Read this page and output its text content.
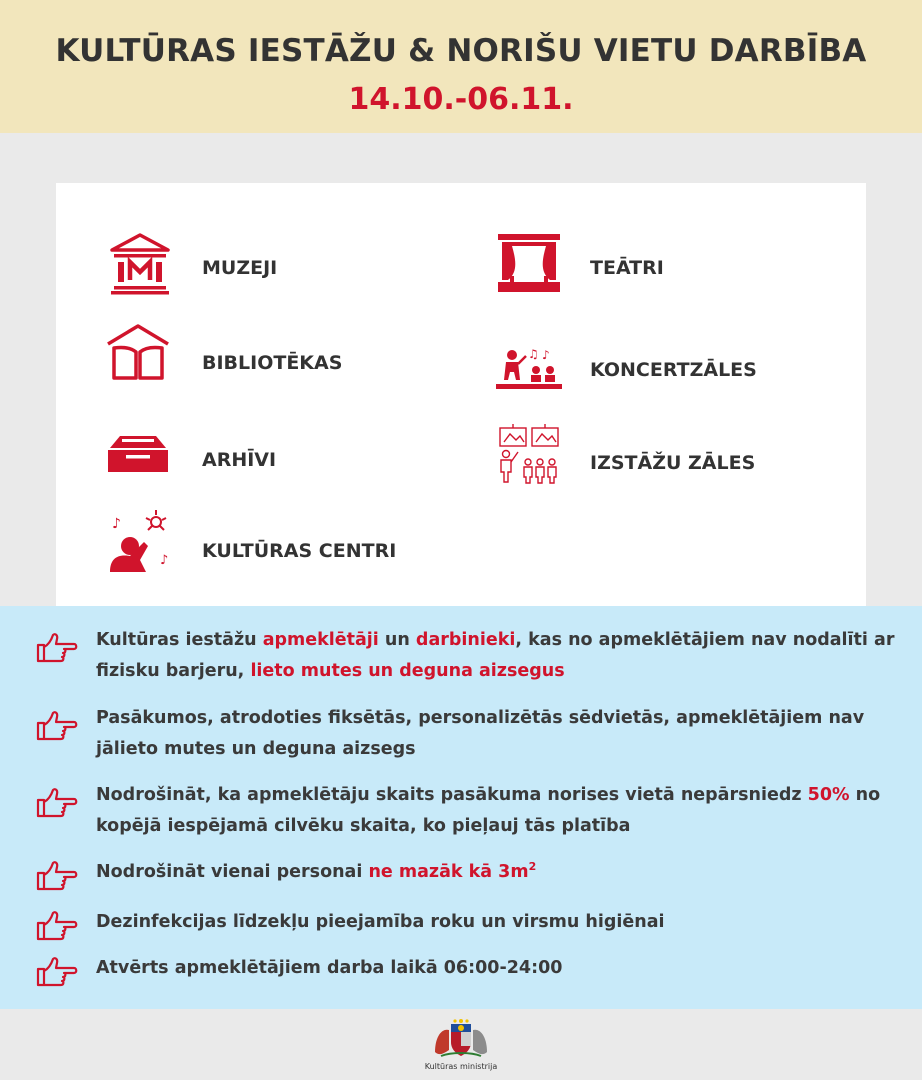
KULTŪRAS IESTĀŽU & NORIŠU VIETU DARBĪBA
14.10.-06.11.
MUZEJI
BIBLIOTĒKAS
ARHĪVI
♪
♪ KULTŪRAS CENTRI
TEĀTRI
♫ ♪
KONCERTZĀLES
IZSTĀŽU ZĀLES
Kultūras iestāžu apmeklētāji un darbinieki, kas no apmeklētājiem nav nodalīti ar fizisku barjeru, lieto mutes un deguna aizsegus
Pasākumos, atrodoties fiksētās, personalizētās sēdvietās, apmeklētājiem nav jālieto mutes un deguna aizsegs
Nodrošināt, ka apmeklētāju skaits pasākuma norises vietā nepārsniedz 50% no kopējā iespējamā cilvēku skaita, ko pieļauj tās platība
Nodrošināt vienai personai ne mazāk kā $3m^2$
Dezinfekcijas līdzekļu pieejamība roku un virsmu higiēnai
Atvērts apmeklētājiem darba laikā 06:00-24:00
Kultūras ministrija
